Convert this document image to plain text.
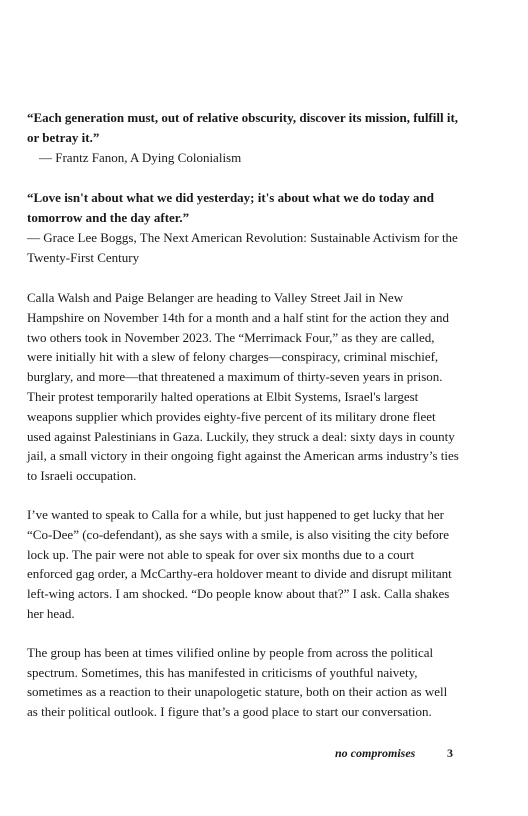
“Each generation must, out of relative obscurity, discover its mission, fulfill it, or betray it.”

— Frantz Fanon, A Dying Colonialism

“Love isn't about what we did yesterday; it's about what we do today and tomorrow and the day after.”

— Grace Lee Boggs, The Next American Revolution: Sustainable Activism for the Twenty-First Century

Calla Walsh and Paige Belanger are heading to Valley Street Jail in New Hampshire on November 14th for a month and a half stint for the action they and two others took in November 2023. The “Merrimack Four,” as they are called, were initially hit with a slew of felony charges—conspiracy, criminal mischief, burglary, and more—that threatened a maximum of thirty-seven years in prison. Their protest temporarily halted operations at Elbit Systems, Israel's largest weapons supplier which provides eighty-five percent of its military drone fleet used against Palestinians in Gaza. Luckily, they struck a deal: sixty days in county jail, a small victory in their ongoing fight against the American arms industry’s ties to Israeli occupation.

I’ve wanted to speak to Calla for a while, but just happened to get lucky that her “Co-Dee” (co-defendant), as she says with a smile, is also visiting the city before lock up. The pair were not able to speak for over six months due to a court enforced gag order, a McCarthy-era holdover meant to divide and disrupt militant left-wing actors. I am shocked. “Do people know about that?” I ask. Calla shakes her head.

The group has been at times vilified online by people from across the political spectrum. Sometimes, this has manifested in criticisms of youthful naivety, sometimes as a reaction to their unapologetic stature, both on their action as well as their political outlook. I figure that’s a good place to start our conversation.

no compromises	3
